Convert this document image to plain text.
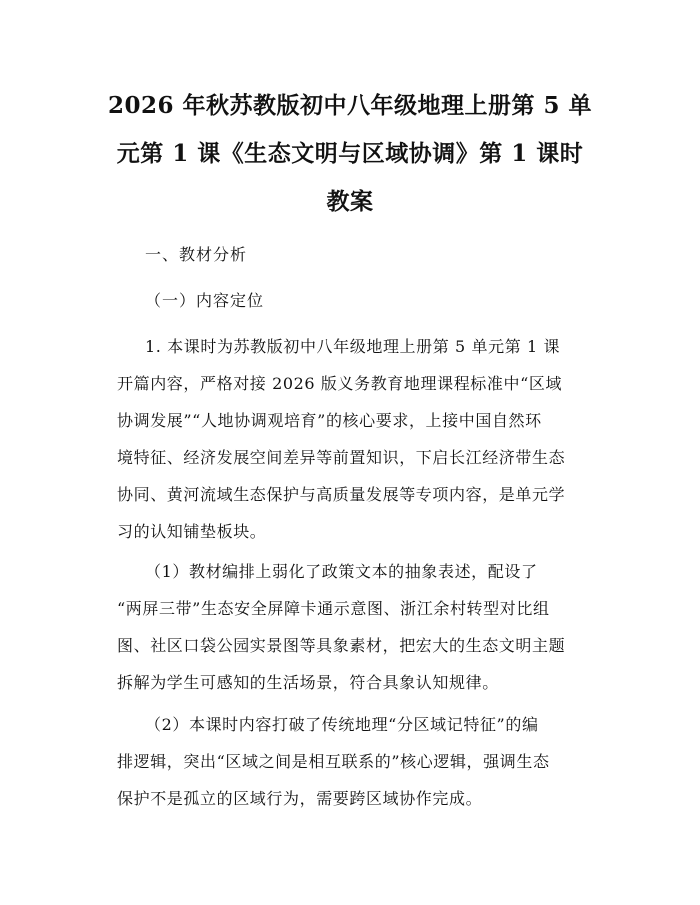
2026 年秋苏教版初中八年级地理上册第 5 单
元第 1 课《生态文明与区域协调》第 1 课时
教案
一、教材分析
（一）内容定位
1. 本课时为苏教版初中八年级地理上册第 5 单元第 1 课
开篇内容，严格对接 2026 版义务教育地理课程标准中“区域
协调发展”“人地协调观培育”的核心要求，上接中国自然环
境特征、经济发展空间差异等前置知识，下启长江经济带生态
协同、黄河流域生态保护与高质量发展等专项内容，是单元学
习的认知铺垫板块。
（1）教材编排上弱化了政策文本的抽象表述，配设了
“两屏三带”生态安全屏障卡通示意图、浙江余村转型对比组
图、社区口袋公园实景图等具象素材，把宏大的生态文明主题
拆解为学生可感知的生活场景，符合具象认知规律。
（2）本课时内容打破了传统地理“分区域记特征”的编
排逻辑，突出“区域之间是相互联系的”核心逻辑，强调生态
保护不是孤立的区域行为，需要跨区域协作完成。
